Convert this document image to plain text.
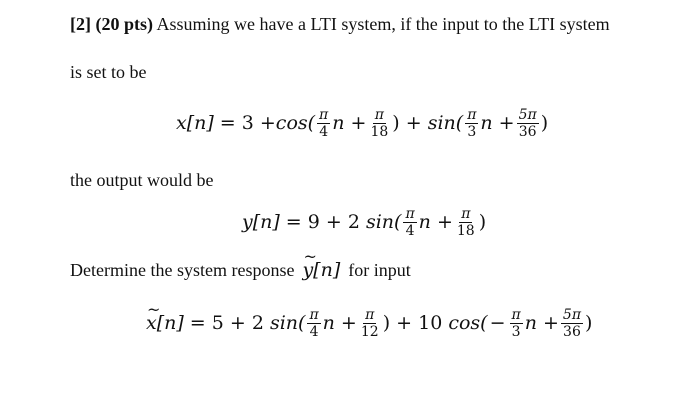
[2] (20 pts) Assuming we have a LTI system, if the input to the LTI system
is set to be
$x[n] = 3 + \cos( \frac{\pi}{4}$ $n + \frac{\pi}{18}$ ) + $\sin( \frac{\pi}{3}$ $n + \frac{5\pi}{36}$ )
the output would be
y[n] = 9 + 2 $\sin( \frac{\pi}{4}$ $n + \frac{\pi}{18}$ )
Determine the system response
~ y[n] for input
~ x[n] = 5 + 2 $\sin( \frac{\pi}{4}$ $n + \frac{\pi}{12}$ ) + 10 $\cos( - \frac{\pi}{3}$ $n + \frac{5\pi}{36}$ )
